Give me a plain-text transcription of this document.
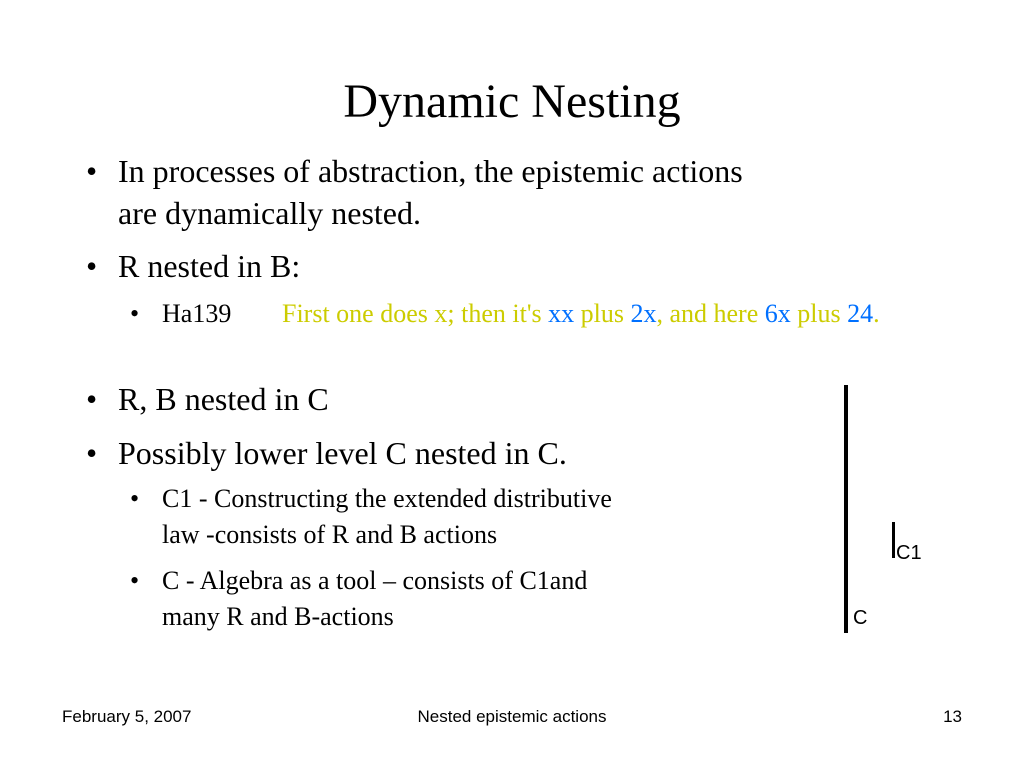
Dynamic Nesting
• In processes of abstraction, the epistemic actions
are dynamically nested.
• R nested in B:
• Ha139 First one does x; then it's xx plus 2x, and here 6x plus 24.
• R, B nested in C
• Possibly lower level C nested in C.
• C1 - Constructing the extended distributive
law -consists of R and B actions
• C - Algebra as a tool – consists of C1and
many R and B-actions
C1
C
February 5, 2007	Nested epistemic actions	13
